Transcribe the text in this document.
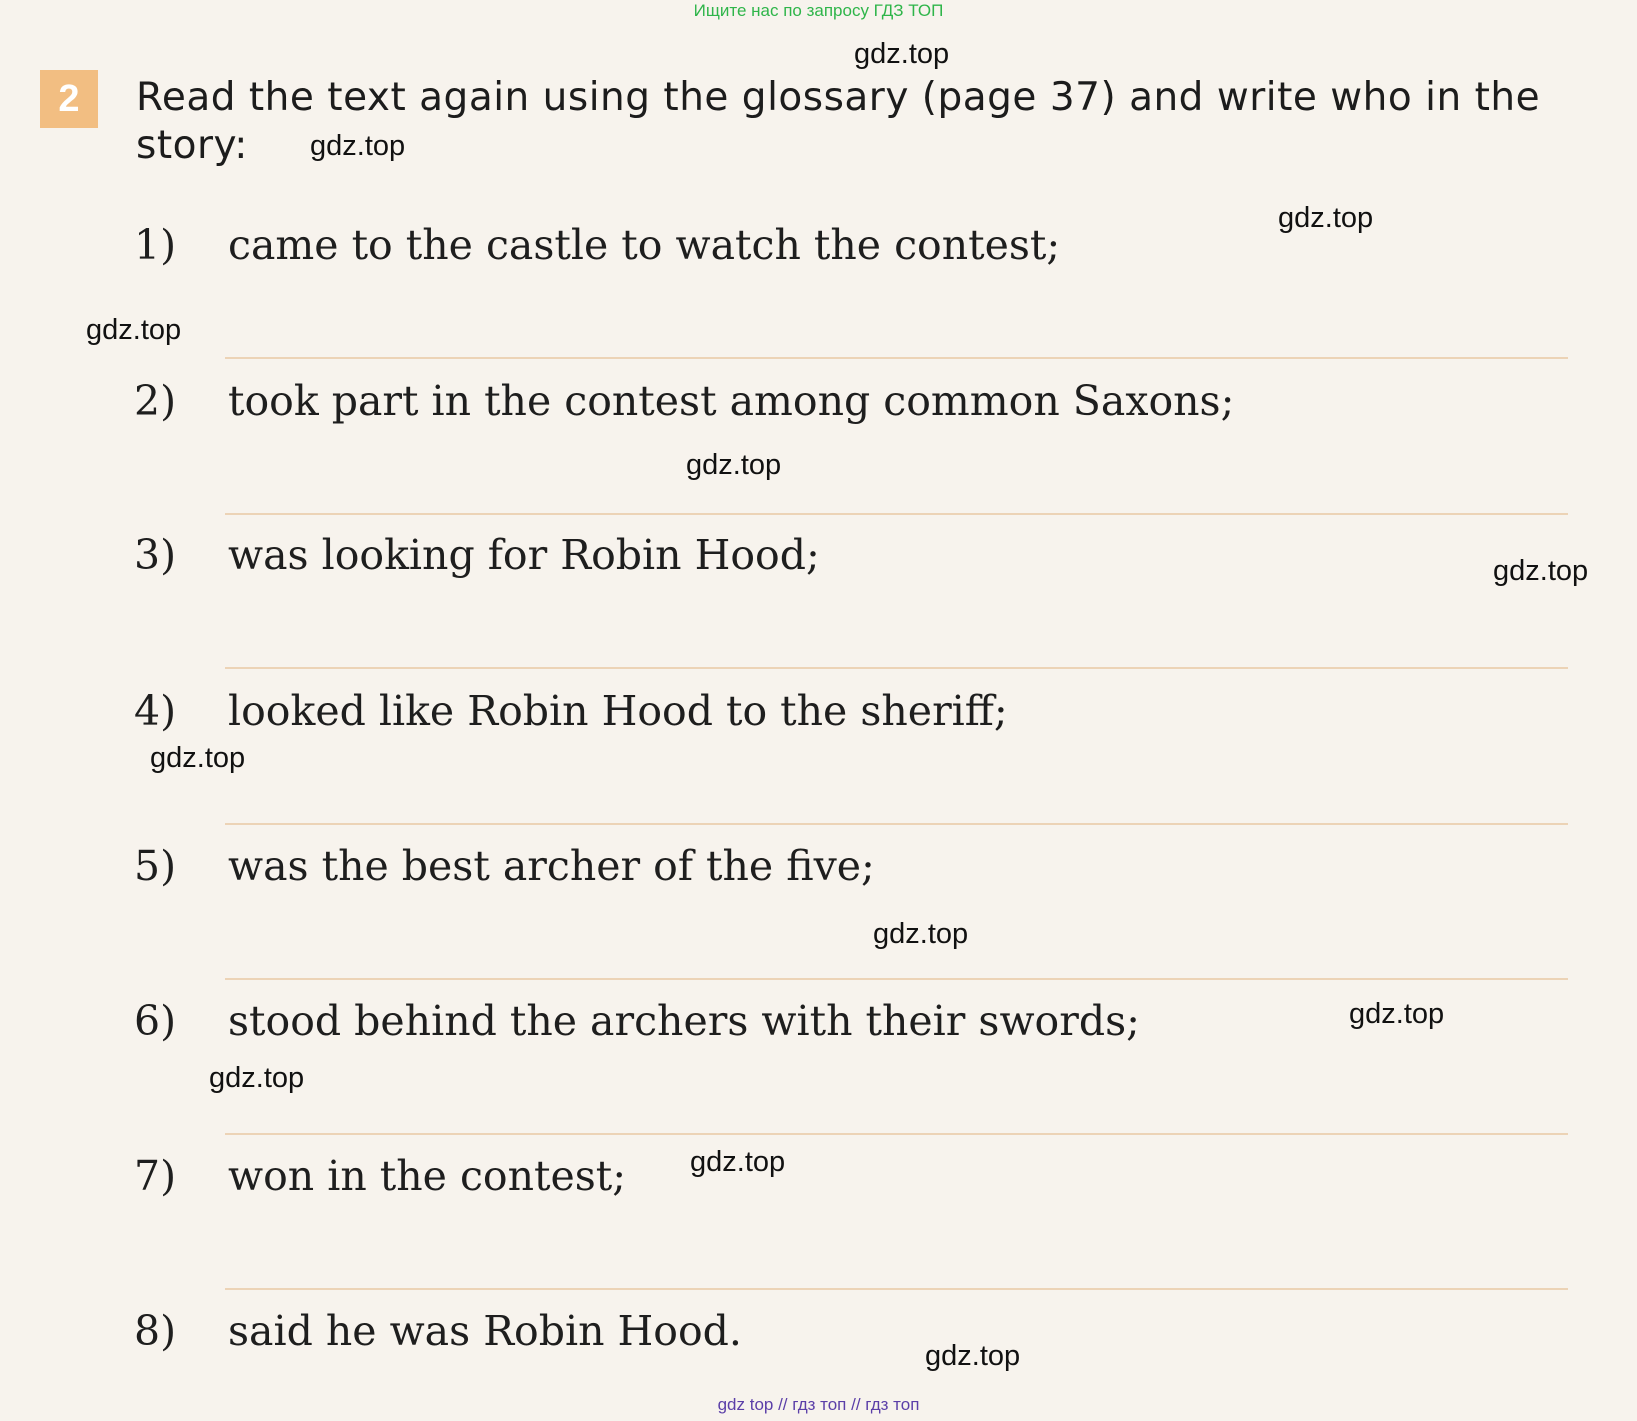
Ищите нас по запросу ГДЗ ТОП
2	Read the text again using the glossary (page 37) and write who in the story:
1) came to the castle to watch the contest;
2) took part in the contest among common Saxons;
3) was looking for Robin Hood;
4) looked like Robin Hood to the sheriff;
5) was the best archer of the five;
6) stood behind the archers with their swords;
7) won in the contest;
8) said he was Robin Hood.
gdz.top
gdz.top
gdz.top
gdz.top
gdz.top
gdz.top
gdz.top
gdz.top
gdz.top
gdz.top
gdz.top
gdz.top
gdz top // гдз топ // гдз топ
